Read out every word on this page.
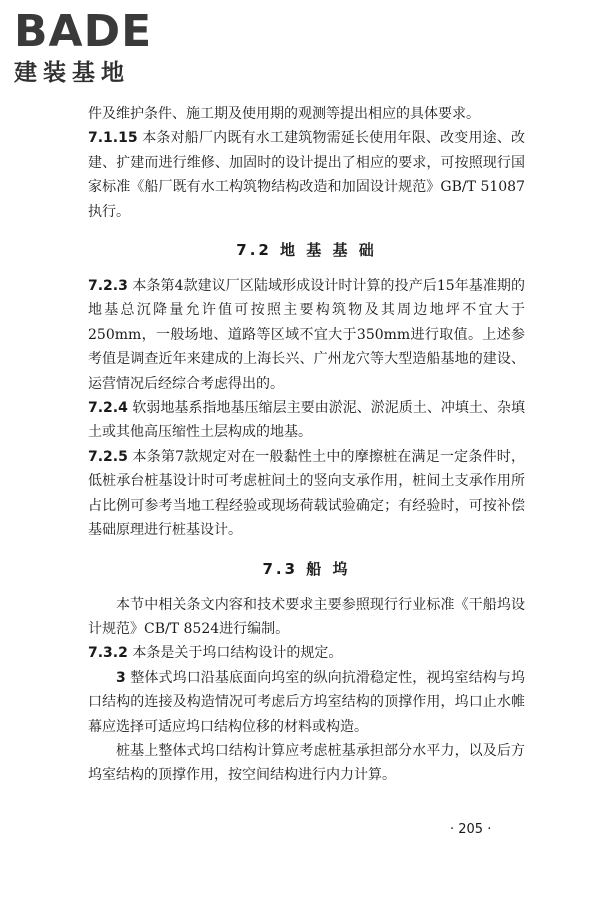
BADE
建装基地
件及维护条件、施工期及使用期的观测等提出相应的具体要求。
7.1.15 本条对船厂内既有水工建筑物需延长使用年限、改变用途、改建、扩建而进行维修、加固时的设计提出了相应的要求，可按照现行国家标准《船厂既有水工构筑物结构改造和加固设计规范》GB/T 51087执行。
7.2 地 基 基 础
7.2.3 本条第4款建议厂区陆域形成设计时计算的投产后15年基准期的地基总沉降量允许值可按照主要构筑物及其周边地坪不宜大于250mm，一般场地、道路等区域不宜大于350mm进行取值。上述参考值是调查近年来建成的上海长兴、广州龙穴等大型造船基地的建设、运营情况后经综合考虑得出的。
7.2.4 软弱地基系指地基压缩层主要由淤泥、淤泥质土、冲填土、杂填土或其他高压缩性土层构成的地基。
7.2.5 本条第7款规定对在一般黏性土中的摩擦桩在满足一定条件时，低桩承台桩基设计时可考虑桩间土的竖向支承作用，桩间土支承作用所占比例可参考当地工程经验或现场荷载试验确定；有经验时，可按补偿基础原理进行桩基设计。
7.3 船 坞
本节中相关条文内容和技术要求主要参照现行行业标准《干船坞设计规范》CB/T 8524进行编制。
7.3.2 本条是关于坞口结构设计的规定。
3 整体式坞口沿基底面向坞室的纵向抗滑稳定性，视坞室结构与坞口结构的连接及构造情况可考虑后方坞室结构的顶撑作用，坞口止水帷幕应选择可适应坞口结构位移的材料或构造。
桩基上整体式坞口结构计算应考虑桩基承担部分水平力，以及后方坞室结构的顶撑作用，按空间结构进行内力计算。
· 205 ·
